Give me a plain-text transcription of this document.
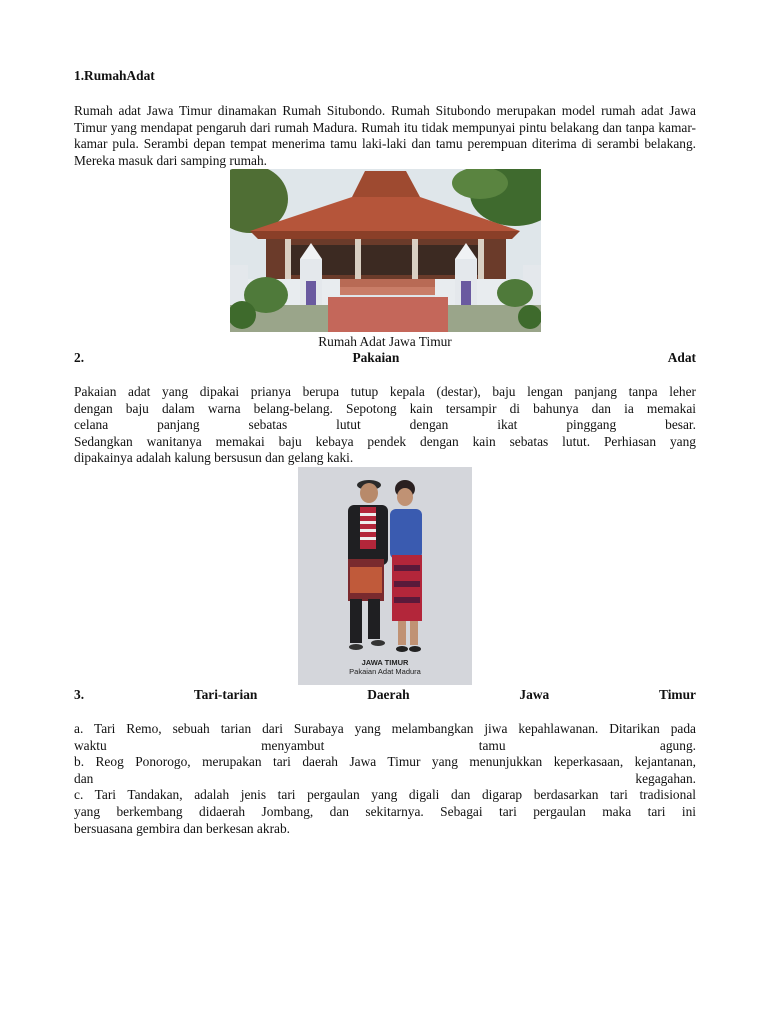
1.RumahAdat

Rumah adat Jawa Timur dinamakan Rumah Situbondo. Rumah Situbondo merupakan model rumah adat Jawa Timur yang mendapat pengaruh dari rumah Madura. Rumah itu tidak mempunyai pintu belakang dan tanpa kamar-kamar pula. Serambi depan tempat menerima tamu laki-laki dan tamu perempuan diterima di serambi belakang. Mereka masuk dari samping rumah.

Rumah Adat Jawa Timur
2.	Pakaian	Adat
Pakaian adat yang dipakai prianya berupa tutup kepala (destar), baju lengan panjang tanpa leher
dengan baju dalam warna belang-belang. Sepotong kain tersampir di bahunya dan ia memakai
celana panjang sebatas lutut dengan ikat pinggang besar.
Sedangkan wanitanya memakai baju kebaya pendek dengan kain sebatas lutut. Perhiasan yang
dipakainya adalah kalung bersusun dan gelang kaki.
JAWA TIMUR
Pakaian Adat Madura
3.	Tari-tarian	Daerah	Jawa	Timur
a. Tari Remo, sebuah tarian dari Surabaya yang melambangkan jiwa kepahlawanan. Ditarikan pada
waktu menyambut tamu agung.
b. Reog Ponorogo, merupakan tari daerah Jawa Timur yang menunjukkan keperkasaan, kejantanan,
dan kegagahan.
c. Tari Tandakan, adalah jenis tari pergaulan yang digali dan digarap berdasarkan tari tradisional
yang berkembang didaerah Jombang, dan sekitarnya. Sebagai tari pergaulan maka tari ini
bersuasana gembira dan berkesan akrab.
